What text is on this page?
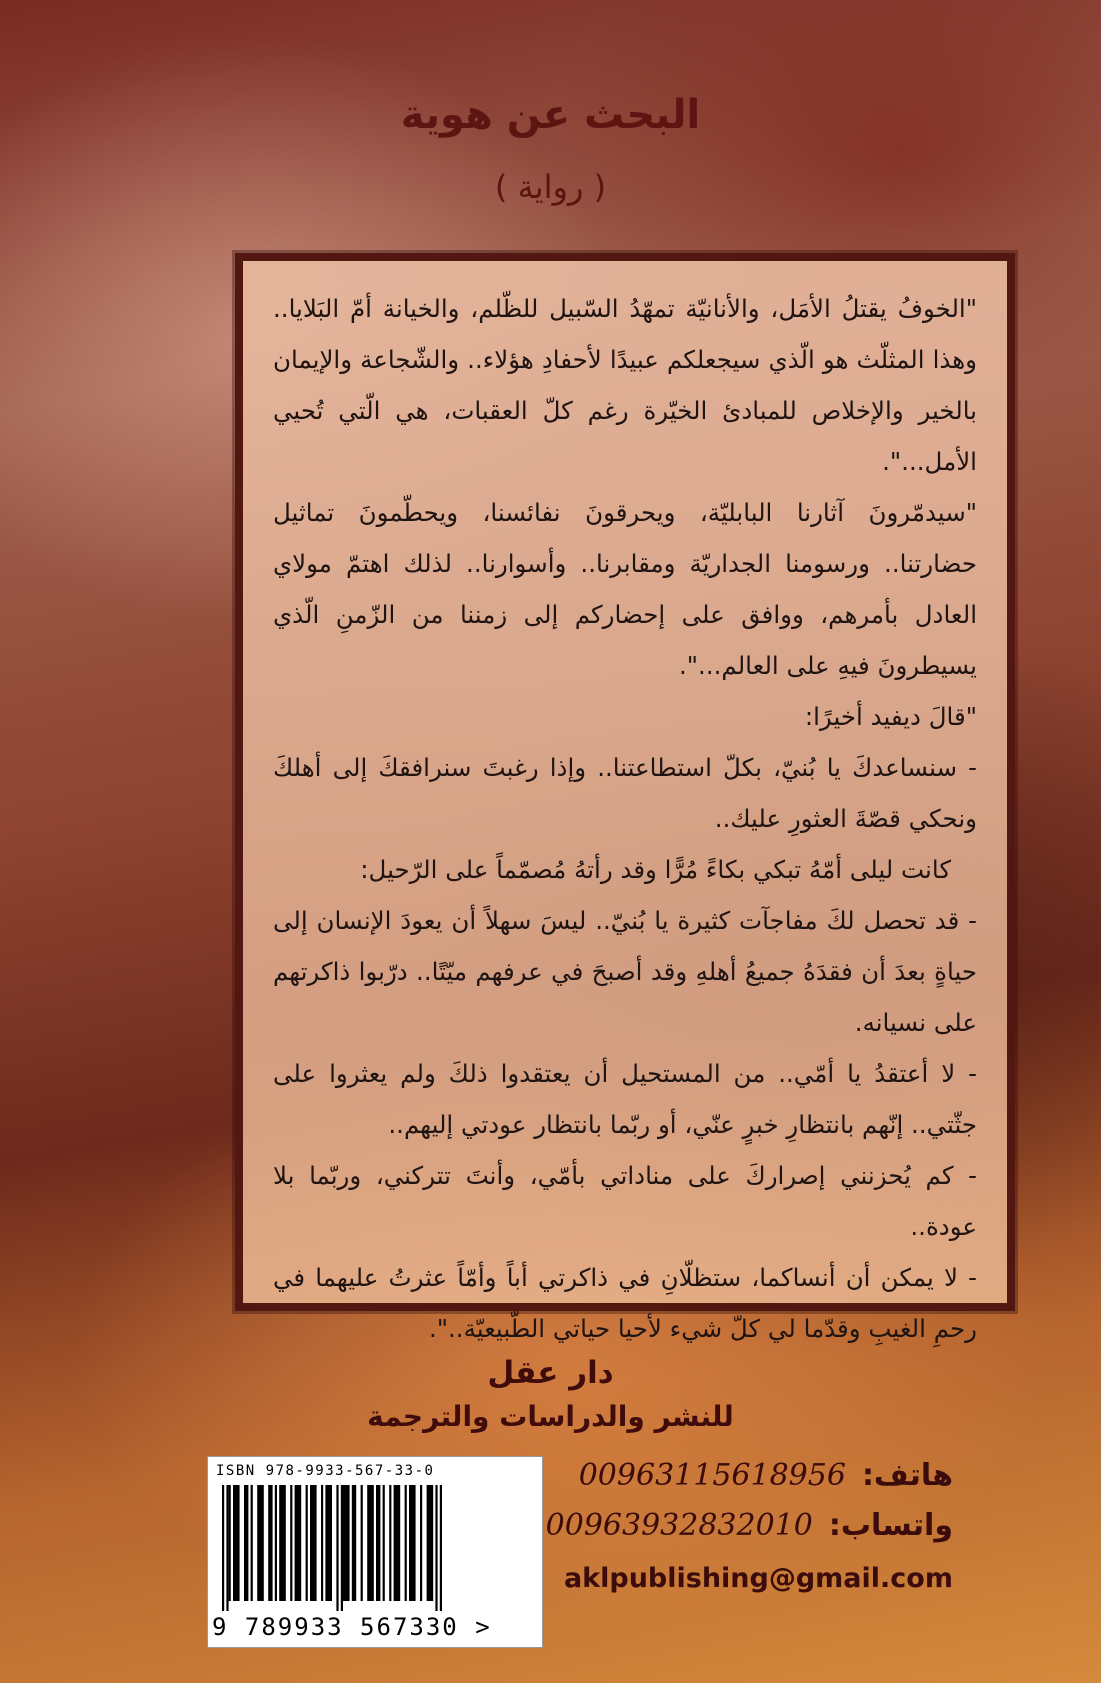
البحث عن هوية
( رواية )

"الخوفُ يقتلُ الأمَل، والأنانيّة تمهّدُ السّبيل للظّلم، والخيانة أمّ البَلايا.. وهذا المثلّث هو الّذي سيجعلكم عبيدًا لأحفادِ هؤلاء.. والشّجاعة والإيمان بالخير والإخلاص للمبادئ الخيّرة رغم كلّ العقبات، هي الّتي تُحيي الأمل...".

"سيدمّرونَ آثارنا البابليّة، ويحرقونَ نفائسنا، ويحطّمونَ تماثيل حضارتنا.. ورسومنا الجداريّة ومقابرنا.. وأسوارنا.. لذلك اهتمّ مولاي العادل بأمرهم، ووافق على إحضاركم إلى زمننا من الزّمنِ الّذي يسيطرونَ فيهِ على العالم...".

"قالَ ديفيد أخيرًا:

- سنساعدكَ يا بُنيّ، بكلّ استطاعتنا.. وإذا رغبتَ سنرافقكَ إلى أهلكَ ونحكي قصّةَ العثورِ عليك..

كانت ليلى أمّهُ تبكي بكاءً مُرًّا وقد رأتهُ مُصمّماً على الرّحيل:

- قد تحصل لكَ مفاجآت كثيرة يا بُنيّ.. ليسَ سهلاً أن يعودَ الإنسان إلى حياةٍ بعدَ أن فقدَهُ جميعُ أهلهِ وقد أصبحَ في عرفهم ميّتًا.. درّبوا ذاكرتهم على نسيانه.

- لا أعتقدُ يا أمّي.. من المستحيل أن يعتقدوا ذلكَ ولم يعثروا على جثّتي.. إنّهم بانتظارِ خبرٍ عنّي، أو ربّما بانتظار عودتي إليهم..

- كم يُحزنني إصراركَ على مناداتي بأمّي، وأنتَ تتركني، وربّما بلا عودة..

- لا يمكن أن أنساكما، ستظلّانِ في ذاكرتي أباً وأمّاً عثرتُ عليهما في رحمِ الغيبِ وقدّما لي كلّ شيء لأحيا حياتي الطّبيعيّة..".

دار عقل
للنشر والدراسات والترجمة
ISBN 978-9933-567-33-0
9 789933 567330 >
هاتف:
00963115618956
واتساب:
00963932832010
aklpublishing@gmail.com
